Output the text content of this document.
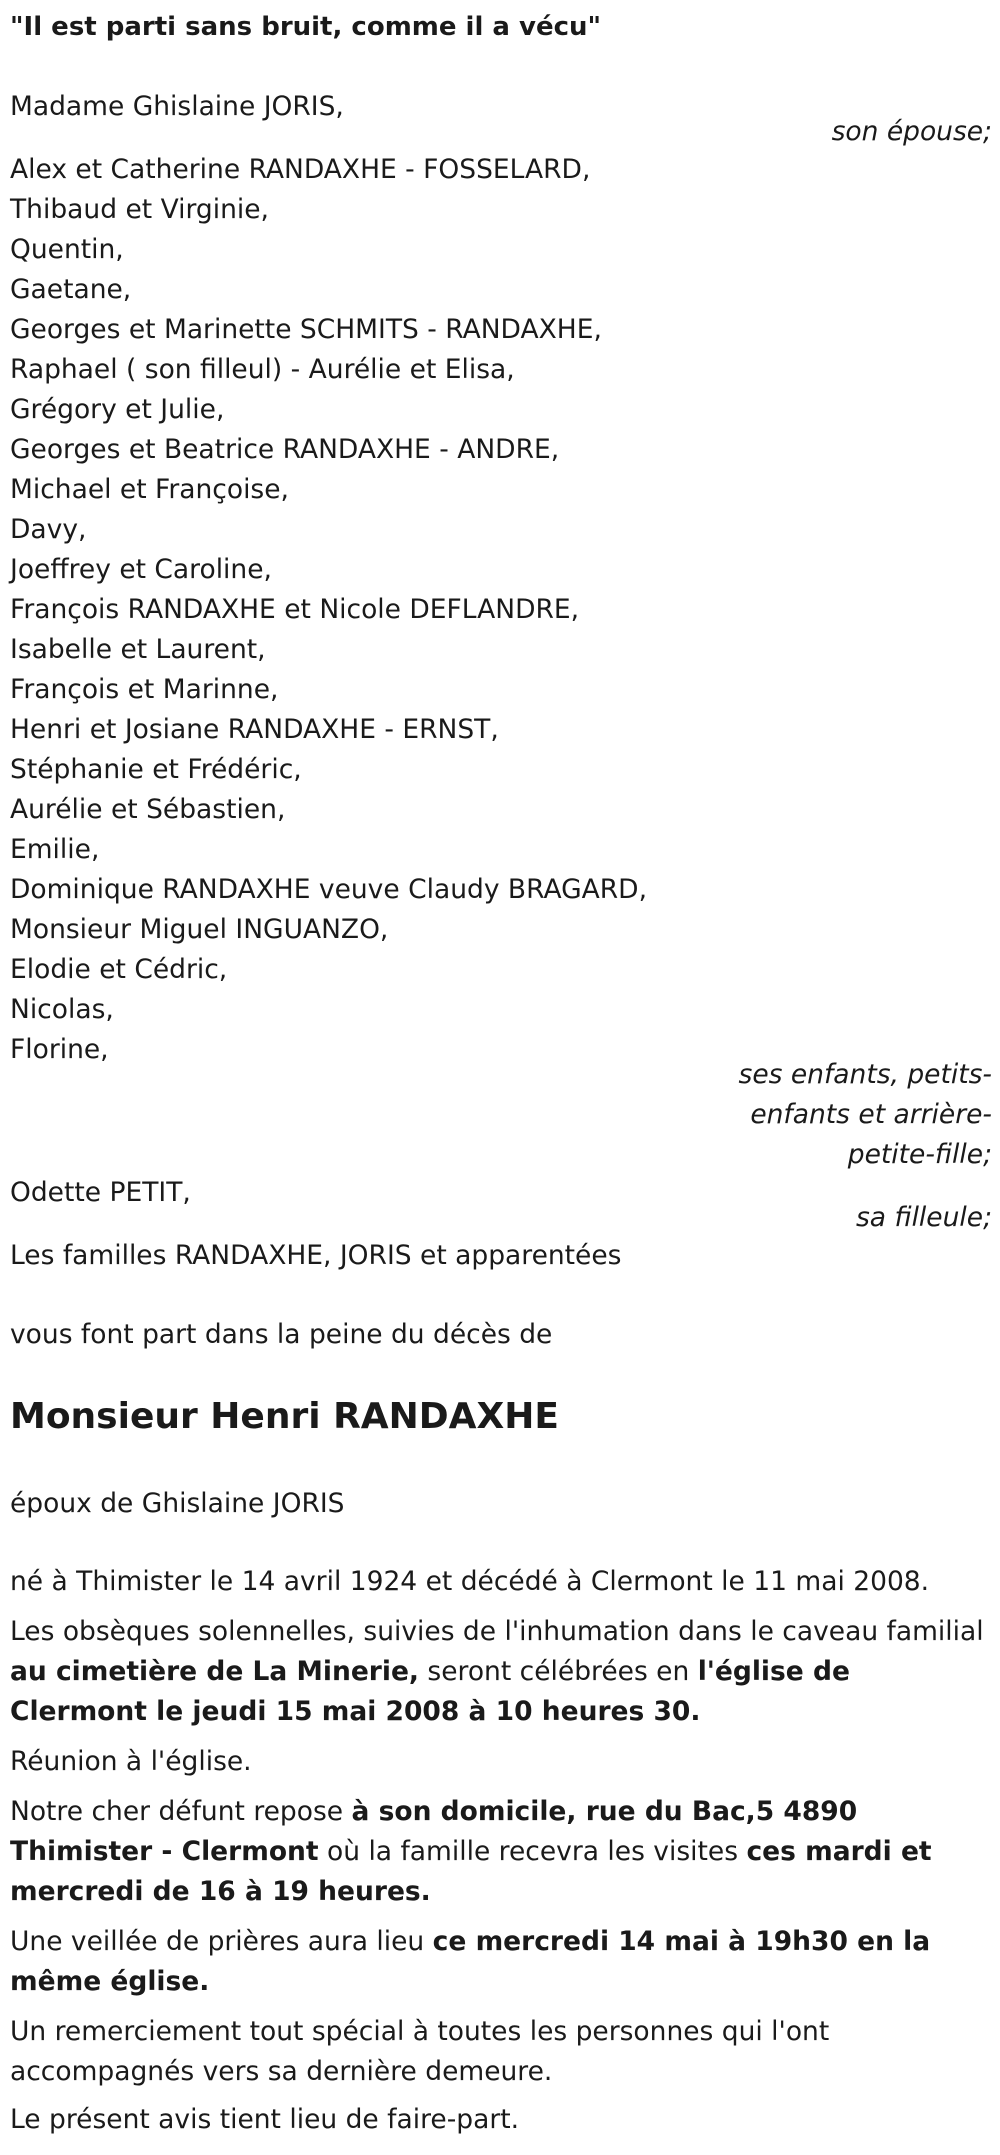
"Il est parti sans bruit, comme il a vécu"
Madame Ghislaine JORIS,
son épouse;
Alex et Catherine RANDAXHE - FOSSELARD,
Thibaud et Virginie,
Quentin,
Gaetane,
Georges et Marinette SCHMITS - RANDAXHE,
Raphael ( son filleul) - Aurélie et Elisa,
Grégory et Julie,
Georges et Beatrice RANDAXHE - ANDRE,
Michael et Françoise,
Davy,
Joeffrey et Caroline,
François RANDAXHE et Nicole DEFLANDRE,
Isabelle et Laurent,
François et Marinne,
Henri et Josiane RANDAXHE - ERNST,
Stéphanie et Frédéric,
Aurélie et Sébastien,
Emilie,
Dominique RANDAXHE veuve Claudy BRAGARD,
Monsieur Miguel INGUANZO,
Elodie et Cédric,
Nicolas,
Florine,
ses enfants, petits-
enfants et arrière-
petite-fille;
Odette PETIT,
sa filleule;
Les familles RANDAXHE, JORIS et apparentées
vous font part dans la peine du décès de
Monsieur Henri RANDAXHE
époux de Ghislaine JORIS
né à Thimister le 14 avril 1924 et décédé à Clermont le 11 mai 2008.
Les obsèques solennelles, suivies de l'inhumation dans le caveau familial au cimetière de La Minerie, seront célébrées en l'église de Clermont le jeudi 15 mai 2008 à 10 heures 30.
Réunion à l'église.
Notre cher défunt repose à son domicile, rue du Bac,5 4890 Thimister - Clermont où la famille recevra les visites ces mardi et mercredi de 16 à 19 heures.
Une veillée de prières aura lieu ce mercredi 14 mai à 19h30 en la même église.
Un remerciement tout spécial à toutes les personnes qui l'ont accompagnés vers sa dernière demeure.
Le présent avis tient lieu de faire-part.
